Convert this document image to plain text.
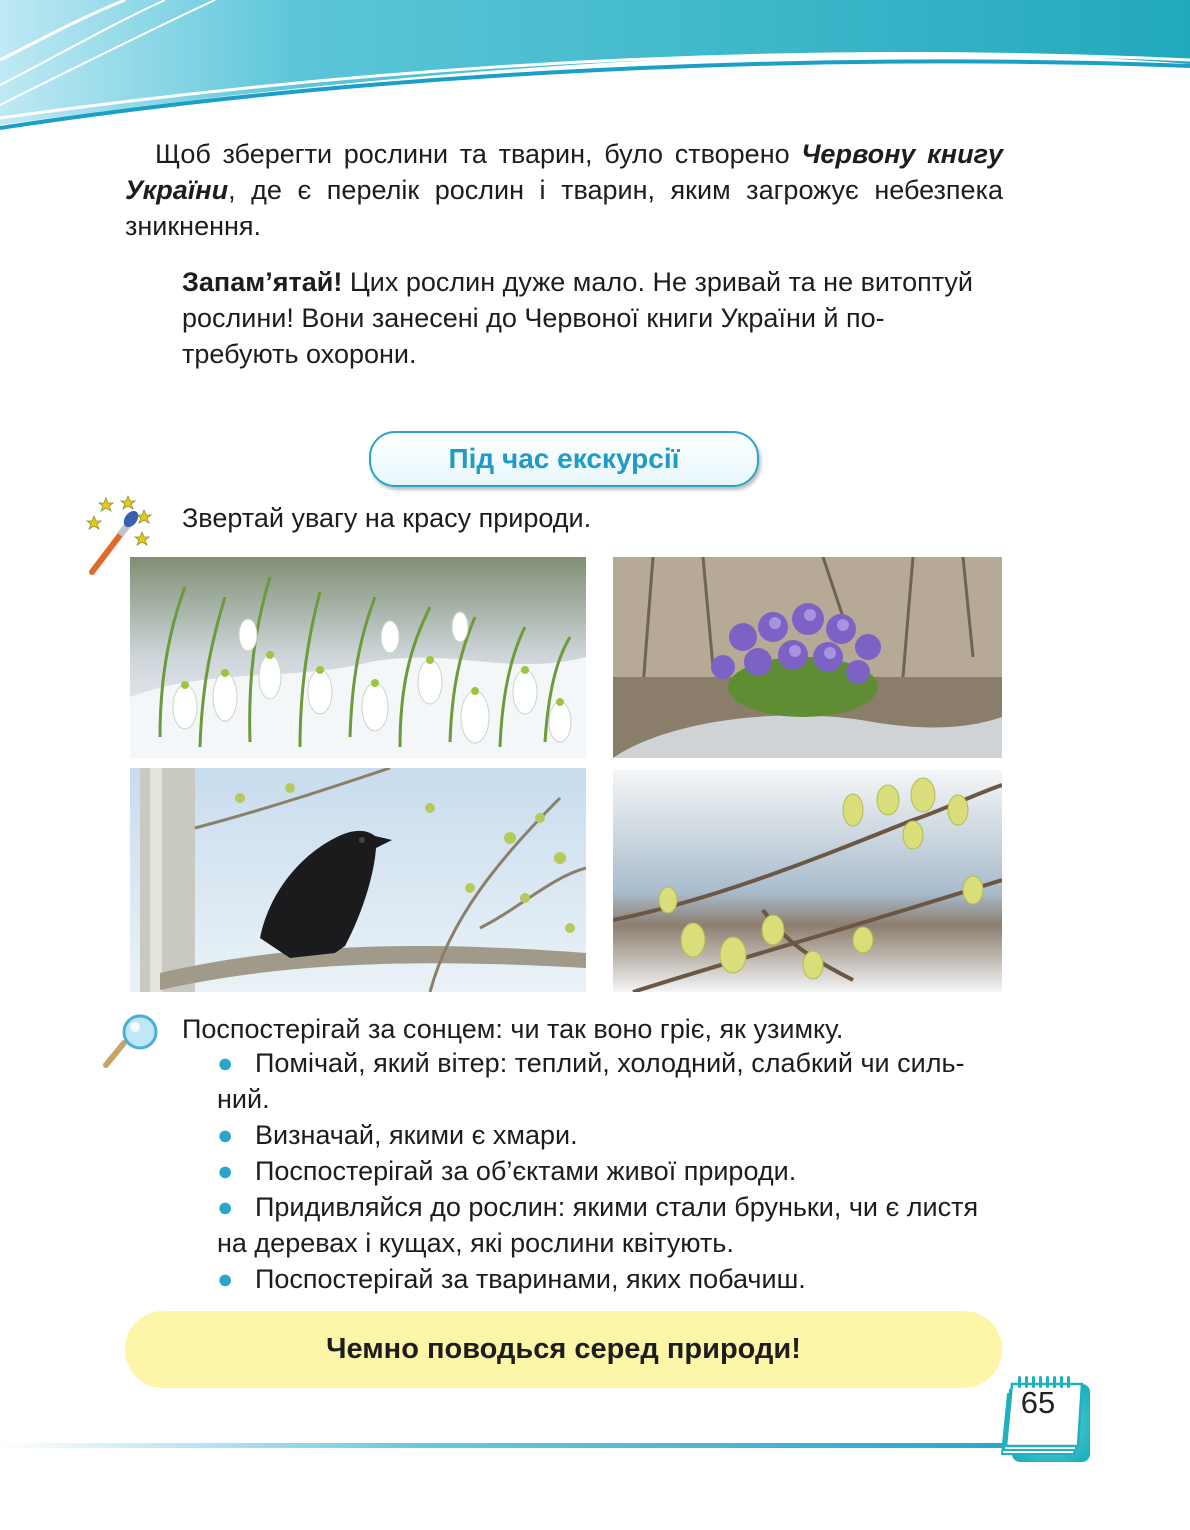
Щоб зберегти рослини та тварин, було створено Червону книгу України, де є перелік рослин і тварин, яким загрожує небезпека зникнення.

Запам’ятай! Цих рослин дуже мало. Не зривай та не витоптуй рослини! Вони занесені до Червоної книги України й потребують охорони.

Під час екскурсії

Звертай увагу на красу природи.

Поспостерігай за сонцем: чи так воно гріє, як узимку.

● Помічай, який вітер: теплий, холодний, слабкий чи сильний.
● Визначай, якими є хмари.
● Поспостерігай за об’єктами живої природи.
● Придивляйся до рослин: якими стали бруньки, чи є листя на деревах і кущах, які рослини квітують.
● Поспостерігай за тваринами, яких побачиш.
Чемно поводься серед природи!
65
